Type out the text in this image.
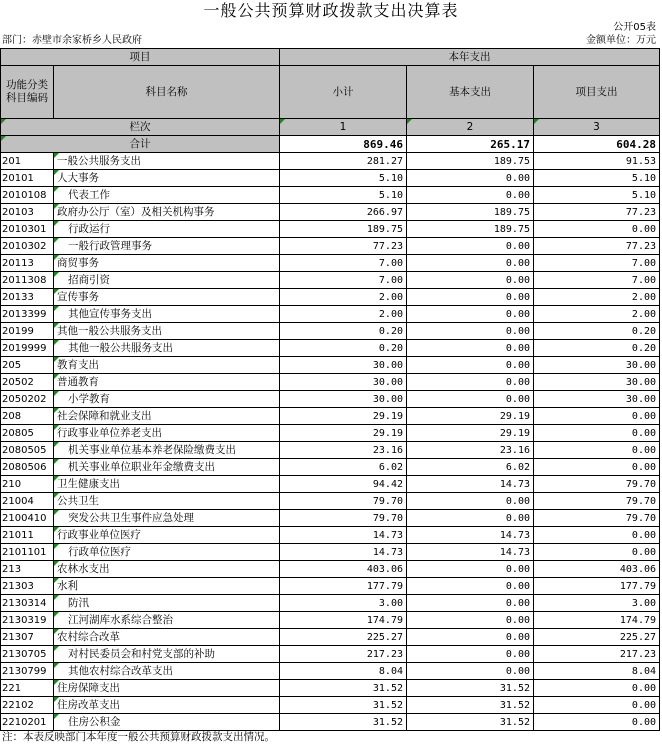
一般公共预算财政拨款支出决算表
公开05表
部门：赤壁市余家桥乡人民政府	金额单位：万元
项目		本年支出		
功能分类科目编码	科目名称	小计	基本支出	项目支出
栏次		1	2	3
合计		869.46	265.17	604.28
201	一般公共服务支出	281.27	189.75	91.53
20101	人大事务	5.10	0.00	5.10
2010108	代表工作	5.10	0.00	5.10
20103	政府办公厅（室）及相关机构事务	266.97	189.75	77.23
2010301	行政运行	189.75	189.75	0.00
2010302	一般行政管理事务	77.23	0.00	77.23
20113	商贸事务	7.00	0.00	7.00
2011308	招商引资	7.00	0.00	7.00
20133	宣传事务	2.00	0.00	2.00
2013399	其他宣传事务支出	2.00	0.00	2.00
20199	其他一般公共服务支出	0.20	0.00	0.20
2019999	其他一般公共服务支出	0.20	0.00	0.20
205	教育支出	30.00	0.00	30.00
20502	普通教育	30.00	0.00	30.00
2050202	小学教育	30.00	0.00	30.00
208	社会保障和就业支出	29.19	29.19	0.00
20805	行政事业单位养老支出	29.19	29.19	0.00
2080505	机关事业单位基本养老保险缴费支出	23.16	23.16	0.00
2080506	机关事业单位职业年金缴费支出	6.02	6.02	0.00
210	卫生健康支出	94.42	14.73	79.70
21004	公共卫生	79.70	0.00	79.70
2100410	突发公共卫生事件应急处理	79.70	0.00	79.70
21011	行政事业单位医疗	14.73	14.73	0.00
2101101	行政单位医疗	14.73	14.73	0.00
213	农林水支出	403.06	0.00	403.06
21303	水利	177.79	0.00	177.79
2130314	防汛	3.00	0.00	3.00
2130319	江河湖库水系综合整治	174.79	0.00	174.79
21307	农村综合改革	225.27	0.00	225.27
2130705	对村民委员会和村党支部的补助	217.23	0.00	217.23
2130799	其他农村综合改革支出	8.04	0.00	8.04
221	住房保障支出	31.52	31.52	0.00
22102	住房改革支出	31.52	31.52	0.00
2210201	住房公积金	31.52	31.52	0.00
注：本表反映部门本年度一般公共预算财政拨款支出情况。
